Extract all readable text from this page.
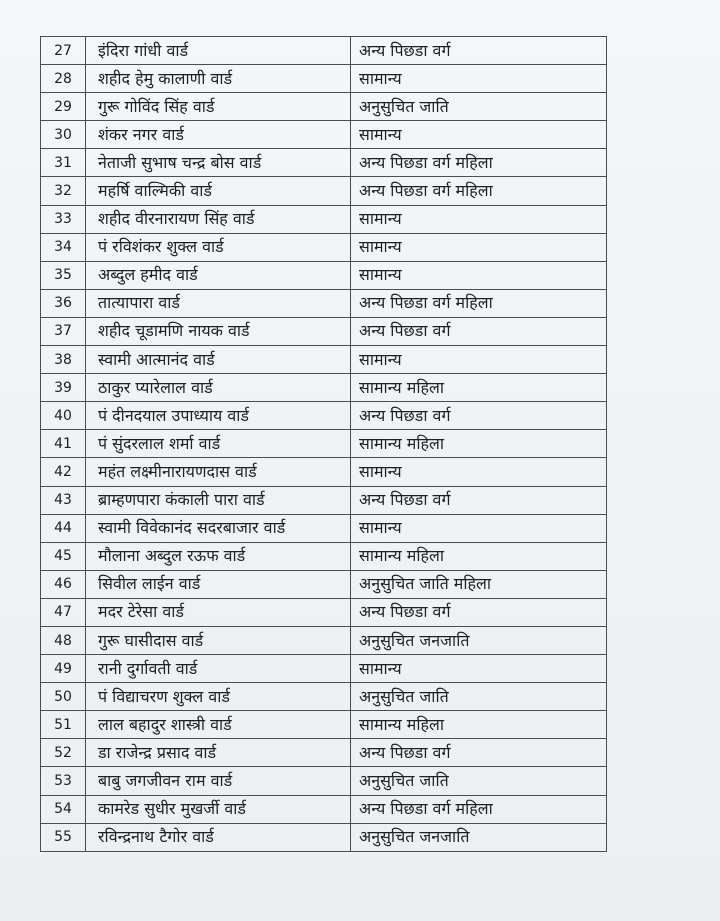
27	इंदिरा गांधी वार्ड	अन्य पिछडा वर्ग
28	शहीद हेमु कालाणी वार्ड	सामान्य
29	गुरू गोविंद सिंह वार्ड	अनुसुचित जाति
30	शंकर नगर वार्ड	सामान्य
31	नेताजी सुभाष चन्द्र बोस वार्ड	अन्य पिछडा वर्ग महिला
32	महर्षि वाल्मिकी वार्ड	अन्य पिछडा वर्ग महिला
33	शहीद वीरनारायण सिंह वार्ड	सामान्य
34	पं रविशंकर शुक्ल वार्ड	सामान्य
35	अब्दुल हमीद वार्ड	सामान्य
36	तात्यापारा वार्ड	अन्य पिछडा वर्ग महिला
37	शहीद चूडामणि नायक वार्ड	अन्य पिछडा वर्ग
38	स्वामी आत्मानंद वार्ड	सामान्य
39	ठाकुर प्यारेलाल वार्ड	सामान्य महिला
40	पं दीनदयाल उपाध्याय वार्ड	अन्य पिछडा वर्ग
41	पं सुंदरलाल शर्मा वार्ड	सामान्य महिला
42	महंत लक्ष्मीनारायणदास वार्ड	सामान्य
43	ब्राम्हणपारा कंकाली पारा वार्ड	अन्य पिछडा वर्ग
44	स्वामी विवेकानंद सदरबाजार वार्ड	सामान्य
45	मौलाना अब्दुल रऊफ वार्ड	सामान्य महिला
46	सिवील लाईन वार्ड	अनुसुचित जाति महिला
47	मदर टेरेसा वार्ड	अन्य पिछडा वर्ग
48	गुरू घासीदास वार्ड	अनुसुचित जनजाति
49	रानी दुर्गावती वार्ड	सामान्य
50	पं विद्याचरण शुक्ल वार्ड	अनुसुचित जाति
51	लाल बहादुर शास्त्री वार्ड	सामान्य महिला
52	डा राजेन्द्र प्रसाद वार्ड	अन्य पिछडा वर्ग
53	बाबु जगजीवन राम वार्ड	अनुसुचित जाति
54	कामरेड सुधीर मुखर्जी वार्ड	अन्य पिछडा वर्ग महिला
55	रविन्द्रनाथ टैगोर वार्ड	अनुसुचित जनजाति
